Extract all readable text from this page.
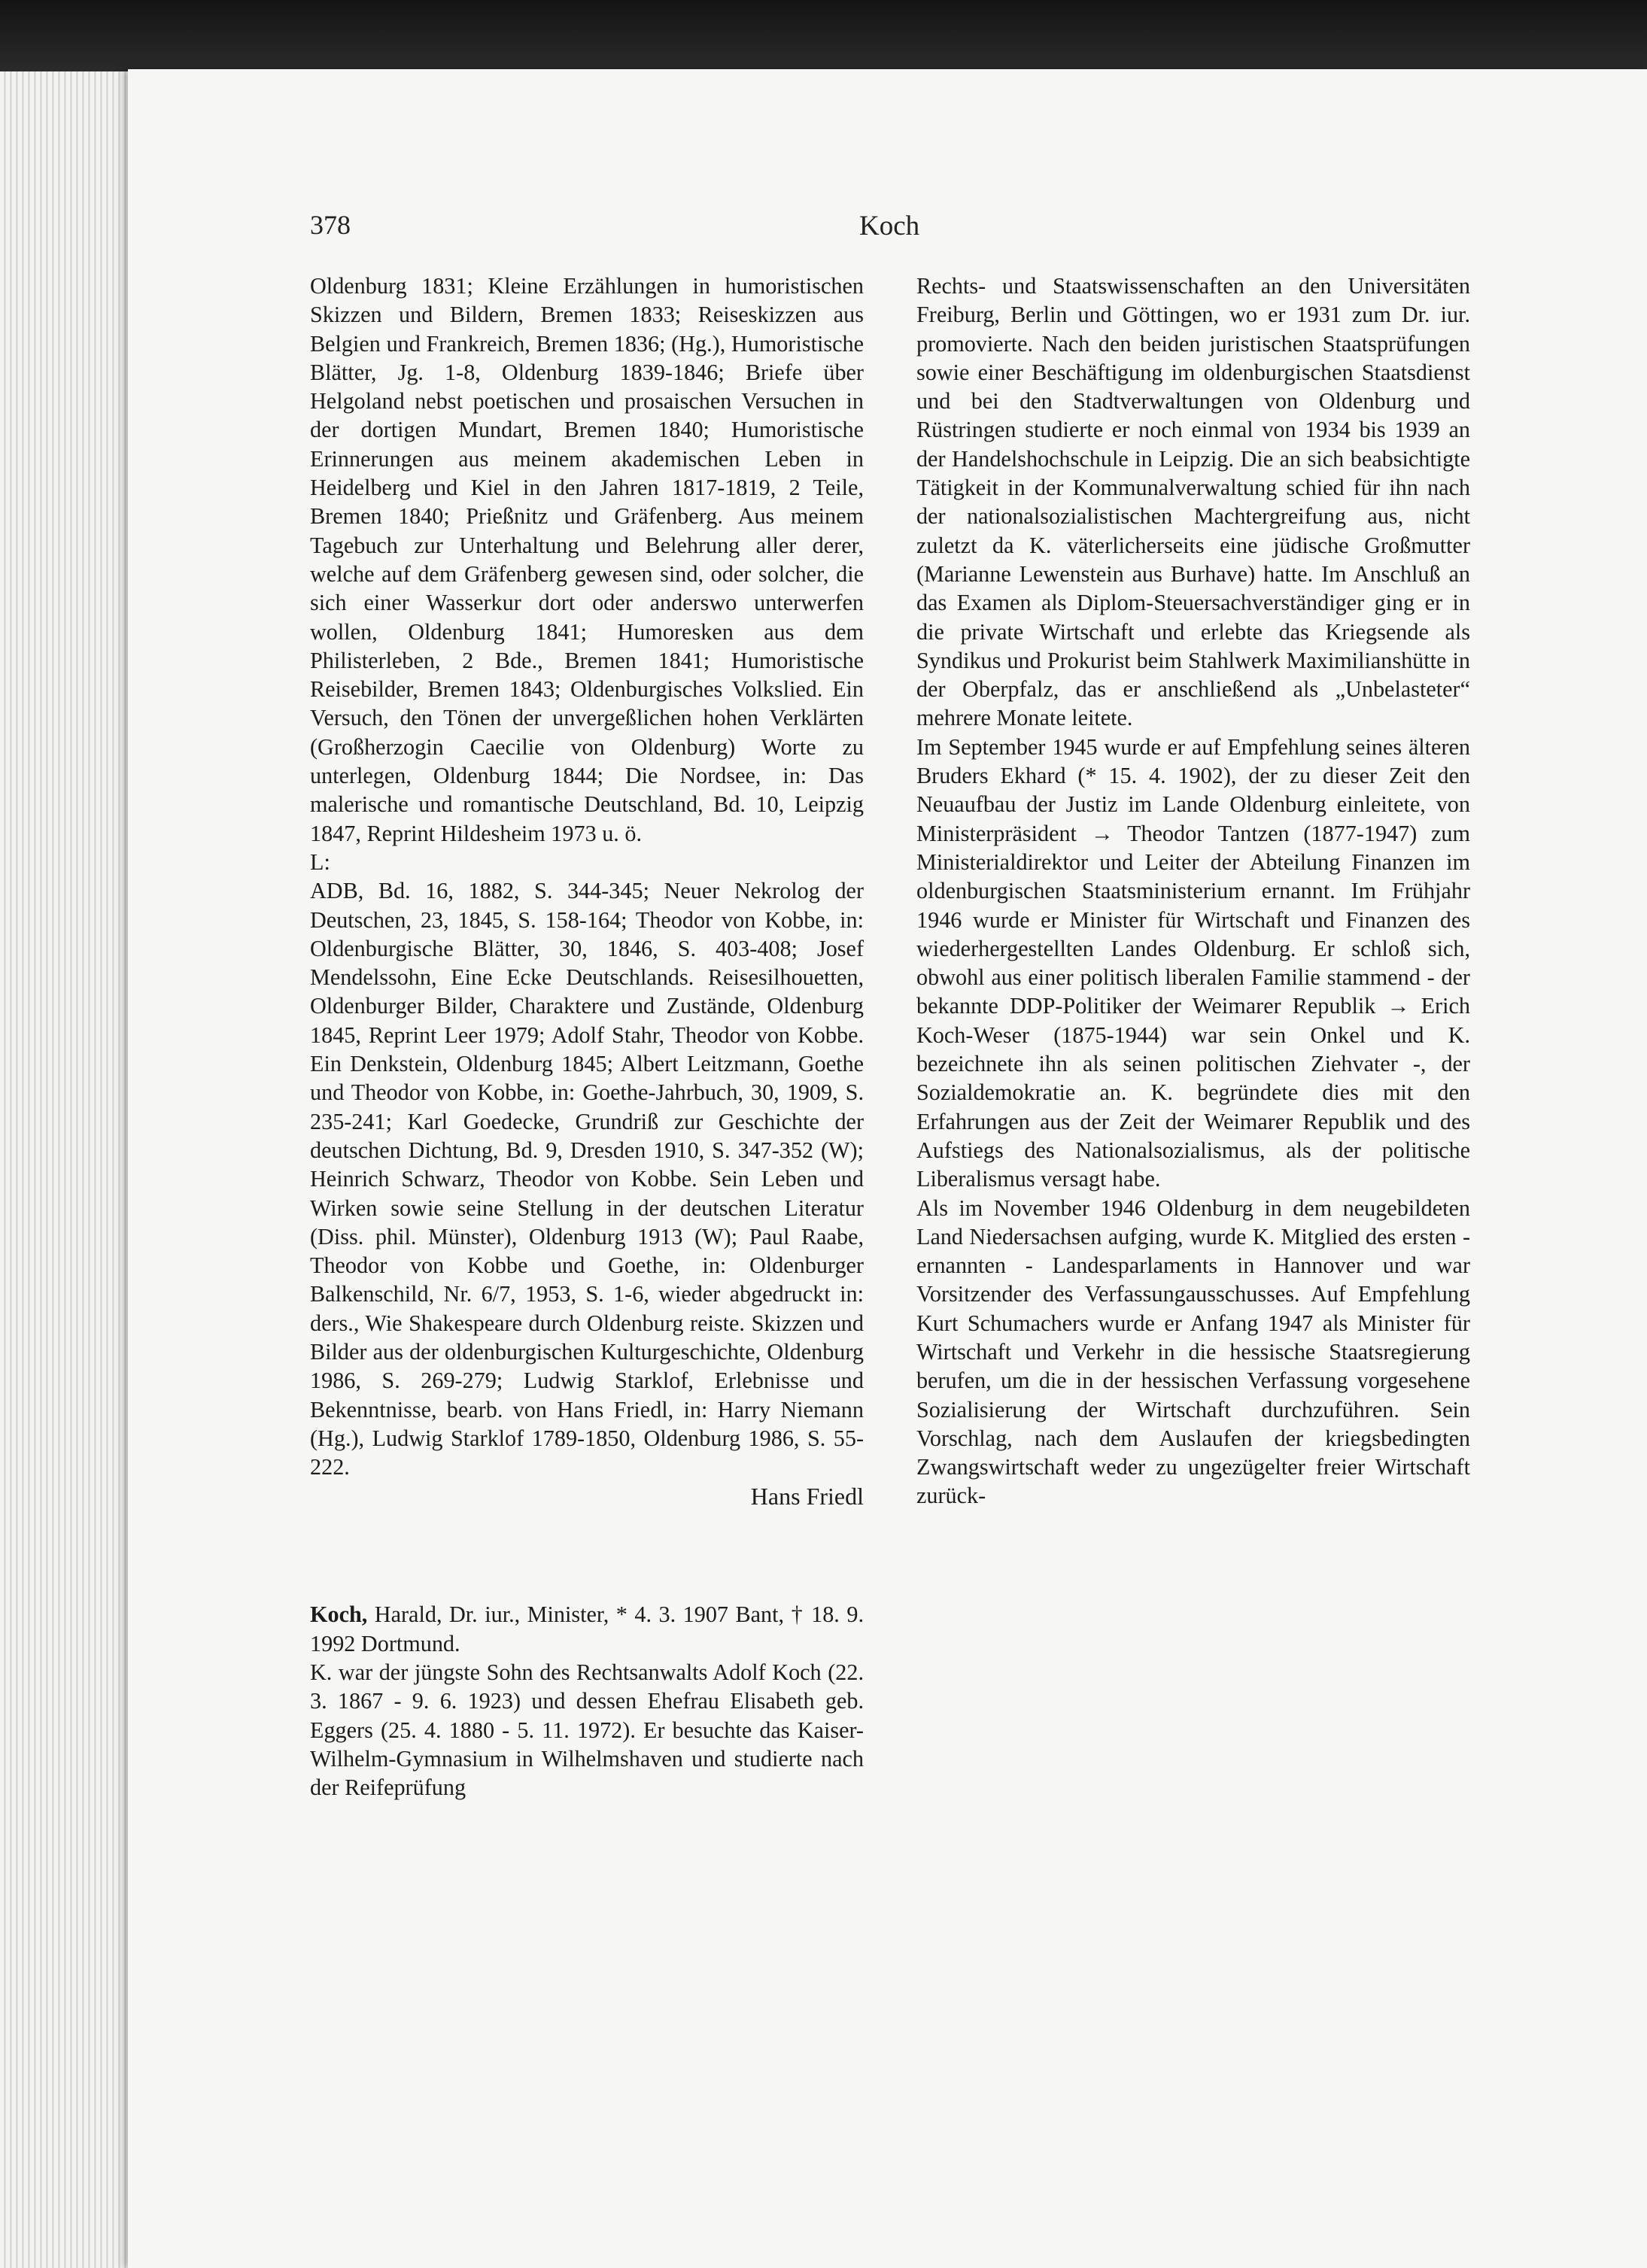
378	Koch

Oldenburg 1831; Kleine Erzählungen in humoristischen Skizzen und Bildern, Bremen 1833; Reiseskizzen aus Belgien und Frankreich, Bremen 1836; (Hg.), Humoristische Blätter, Jg. 1-8, Oldenburg 1839-1846; Briefe über Helgoland nebst poetischen und prosaischen Versuchen in der dortigen Mundart, Bremen 1840; Humoristische Erinnerungen aus meinem akademischen Leben in Heidelberg und Kiel in den Jahren 1817-1819, 2 Teile, Bremen 1840; Prießnitz und Gräfenberg. Aus meinem Tagebuch zur Unterhaltung und Belehrung aller derer, welche auf dem Gräfenberg gewesen sind, oder solcher, die sich einer Wasserkur dort oder anderswo unterwerfen wollen, Oldenburg 1841; Humoresken aus dem Philisterleben, 2 Bde., Bremen 1841; Humoristische Reisebilder, Bremen 1843; Oldenburgisches Volkslied. Ein Versuch, den Tönen der unvergeßlichen hohen Verklärten (Großherzogin Caecilie von Oldenburg) Worte zu unterlegen, Oldenburg 1844; Die Nordsee, in: Das malerische und romantische Deutschland, Bd. 10, Leipzig 1847, Reprint Hildesheim 1973 u. ö.

L:

ADB, Bd. 16, 1882, S. 344-345; Neuer Nekrolog der Deutschen, 23, 1845, S. 158-164; Theodor von Kobbe, in: Oldenburgische Blätter, 30, 1846, S. 403-408; Josef Mendelssohn, Eine Ecke Deutschlands. Reisesilhouetten, Oldenburger Bilder, Charaktere und Zustände, Oldenburg 1845, Reprint Leer 1979; Adolf Stahr, Theodor von Kobbe. Ein Denkstein, Oldenburg 1845; Albert Leitzmann, Goethe und Theodor von Kobbe, in: Goethe-Jahrbuch, 30, 1909, S. 235-241; Karl Goedecke, Grundriß zur Geschichte der deutschen Dichtung, Bd. 9, Dresden 1910, S. 347-352 (W); Heinrich Schwarz, Theodor von Kobbe. Sein Leben und Wirken sowie seine Stellung in der deutschen Literatur (Diss. phil. Münster), Oldenburg 1913 (W); Paul Raabe, Theodor von Kobbe und Goethe, in: Oldenburger Balkenschild, Nr. 6/7, 1953, S. 1-6, wieder abgedruckt in: ders., Wie Shakespeare durch Oldenburg reiste. Skizzen und Bilder aus der oldenburgischen Kulturgeschichte, Oldenburg 1986, S. 269-279; Ludwig Starklof, Erlebnisse und Bekenntnisse, bearb. von Hans Friedl, in: Harry Niemann (Hg.), Ludwig Starklof 1789-1850, Oldenburg 1986, S. 55-222.

Hans Friedl

Koch, Harald, Dr. iur., Minister, * 4. 3. 1907 Bant, † 18. 9. 1992 Dortmund.

K. war der jüngste Sohn des Rechtsanwalts Adolf Koch (22. 3. 1867 - 9. 6. 1923) und dessen Ehefrau Elisabeth geb. Eggers (25. 4. 1880 - 5. 11. 1972). Er besuchte das Kaiser-Wilhelm-Gymnasium in Wilhelmshaven und studierte nach der Reifeprüfung

Rechts- und Staatswissenschaften an den Universitäten Freiburg, Berlin und Göttingen, wo er 1931 zum Dr. iur. promovierte. Nach den beiden juristischen Staatsprüfungen sowie einer Beschäftigung im oldenburgischen Staatsdienst und bei den Stadtverwaltungen von Oldenburg und Rüstringen studierte er noch einmal von 1934 bis 1939 an der Handelshochschule in Leipzig. Die an sich beabsichtigte Tätigkeit in der Kommunalverwaltung schied für ihn nach der nationalsozialistischen Machtergreifung aus, nicht zuletzt da K. väterlicherseits eine jüdische Großmutter (Marianne Lewenstein aus Burhave) hatte. Im Anschluß an das Examen als Diplom-Steuersachverständiger ging er in die private Wirtschaft und erlebte das Kriegsende als Syndikus und Prokurist beim Stahlwerk Maximilianshütte in der Oberpfalz, das er anschließend als „Unbelasteter“ mehrere Monate leitete.

Im September 1945 wurde er auf Empfehlung seines älteren Bruders Ekhard (* 15. 4. 1902), der zu dieser Zeit den Neuaufbau der Justiz im Lande Oldenburg einleitete, von Ministerpräsident → Theodor Tantzen (1877-1947) zum Ministerialdirektor und Leiter der Abteilung Finanzen im oldenburgischen Staatsministerium ernannt. Im Frühjahr 1946 wurde er Minister für Wirtschaft und Finanzen des wiederhergestellten Landes Oldenburg. Er schloß sich, obwohl aus einer politisch liberalen Familie stammend - der bekannte DDP-Politiker der Weimarer Republik → Erich Koch-Weser (1875-1944) war sein Onkel und K. bezeichnete ihn als seinen politischen Ziehvater -, der Sozialdemokratie an. K. begründete dies mit den Erfahrungen aus der Zeit der Weimarer Republik und des Aufstiegs des Nationalsozialismus, als der politische Liberalismus versagt habe.

Als im November 1946 Oldenburg in dem neugebildeten Land Niedersachsen aufging, wurde K. Mitglied des ersten - ernannten - Landesparlaments in Hannover und war Vorsitzender des Verfassungausschusses. Auf Empfehlung Kurt Schumachers wurde er Anfang 1947 als Minister für Wirtschaft und Verkehr in die hessische Staatsregierung berufen, um die in der hessischen Verfassung vorgesehene Sozialisierung der Wirtschaft durchzuführen. Sein Vorschlag, nach dem Auslaufen der kriegsbedingten Zwangswirtschaft weder zu ungezügelter freier Wirtschaft zurück-
